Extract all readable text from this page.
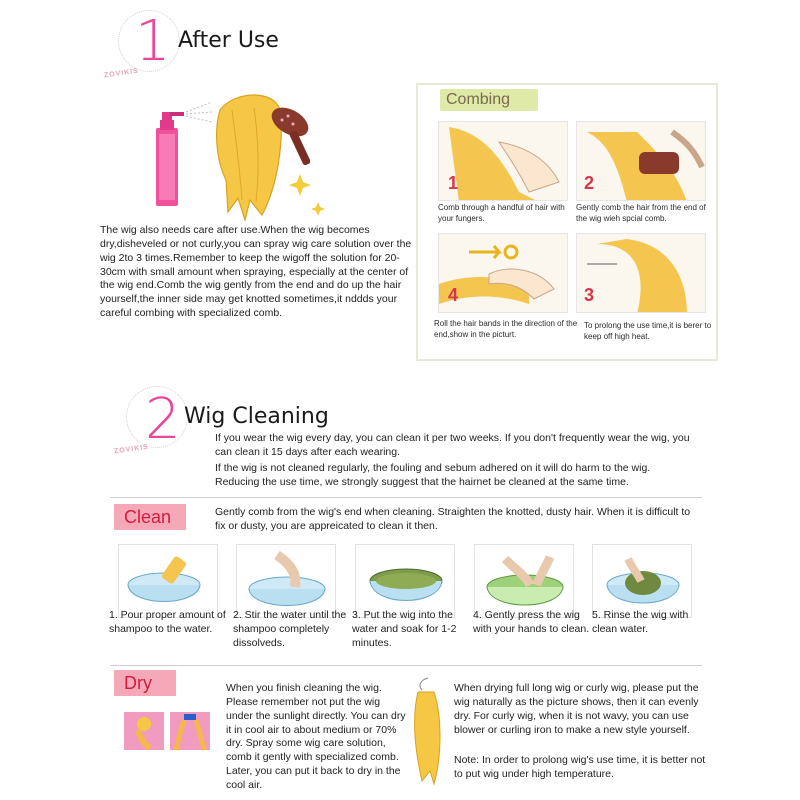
1 After Use
ZOVIKIS
The wig also needs care after use.When the wig becomes dry,disheveled or not curly,you can spray wig care solution over the wig 2to 3 times.Remember to keep the wigoff the solution for 20-30cm with small amount when spraying, especially at the center of the wig end.Comb the wig gently from the end and do up the hair yourself,the inner side may get knotted sometimes,it nddds your careful combing with specialized comb.
Combing
1
Comb through a handful of hair with your fungers.
2
Gently comb the hair from the end of the wig wieh spcial comb.
4
Roll the hair bands in the direction of the end,show in the picturt.
3
To prolong the use time,it is berer to keep off high heat.
2 Wig Cleaning
ZOVIKIS
If you wear the wig every day, you can clean it per two weeks. If you don't frequently wear the wig, you can clean it 15 days after each wearing.
If the wig is not cleaned regularly, the fouling and sebum adhered on it will do harm to the wig. Reducing the use time, we strongly suggest that the hairnet be cleaned at the same time.
Clean	Gently comb from the wig's end when cleaning. Straighten the knotted, dusty hair. When it is difficult to fix or dusty, you are appreicated to clean it then.
1. Pour proper amount of shampoo to the water.
2. Stir the water until the shampoo completely dissolveds.
3. Put the wig into the water and soak for 1-2 minutes.
4. Gently press the wig with your hands to clean.
5. Rinse the wig with clean water.
Dry	When you finish cleaning the wig. Please remember not put the wig under the sunlight directly. You can dry it in cool air to about medium or 70% dry. Spray some wig care solution, comb it gently with specialized comb. Later, you can put it back to dry in the cool air.
When drying full long wig or curly wig, please put the wig naturally as the picture shows, then it can evenly dry. For curly wig, when it is not wavy, you can use blower or curling iron to make a new style yourself.
Note: In order to prolong wig's use time, it is better not to put wig under high temperature.
